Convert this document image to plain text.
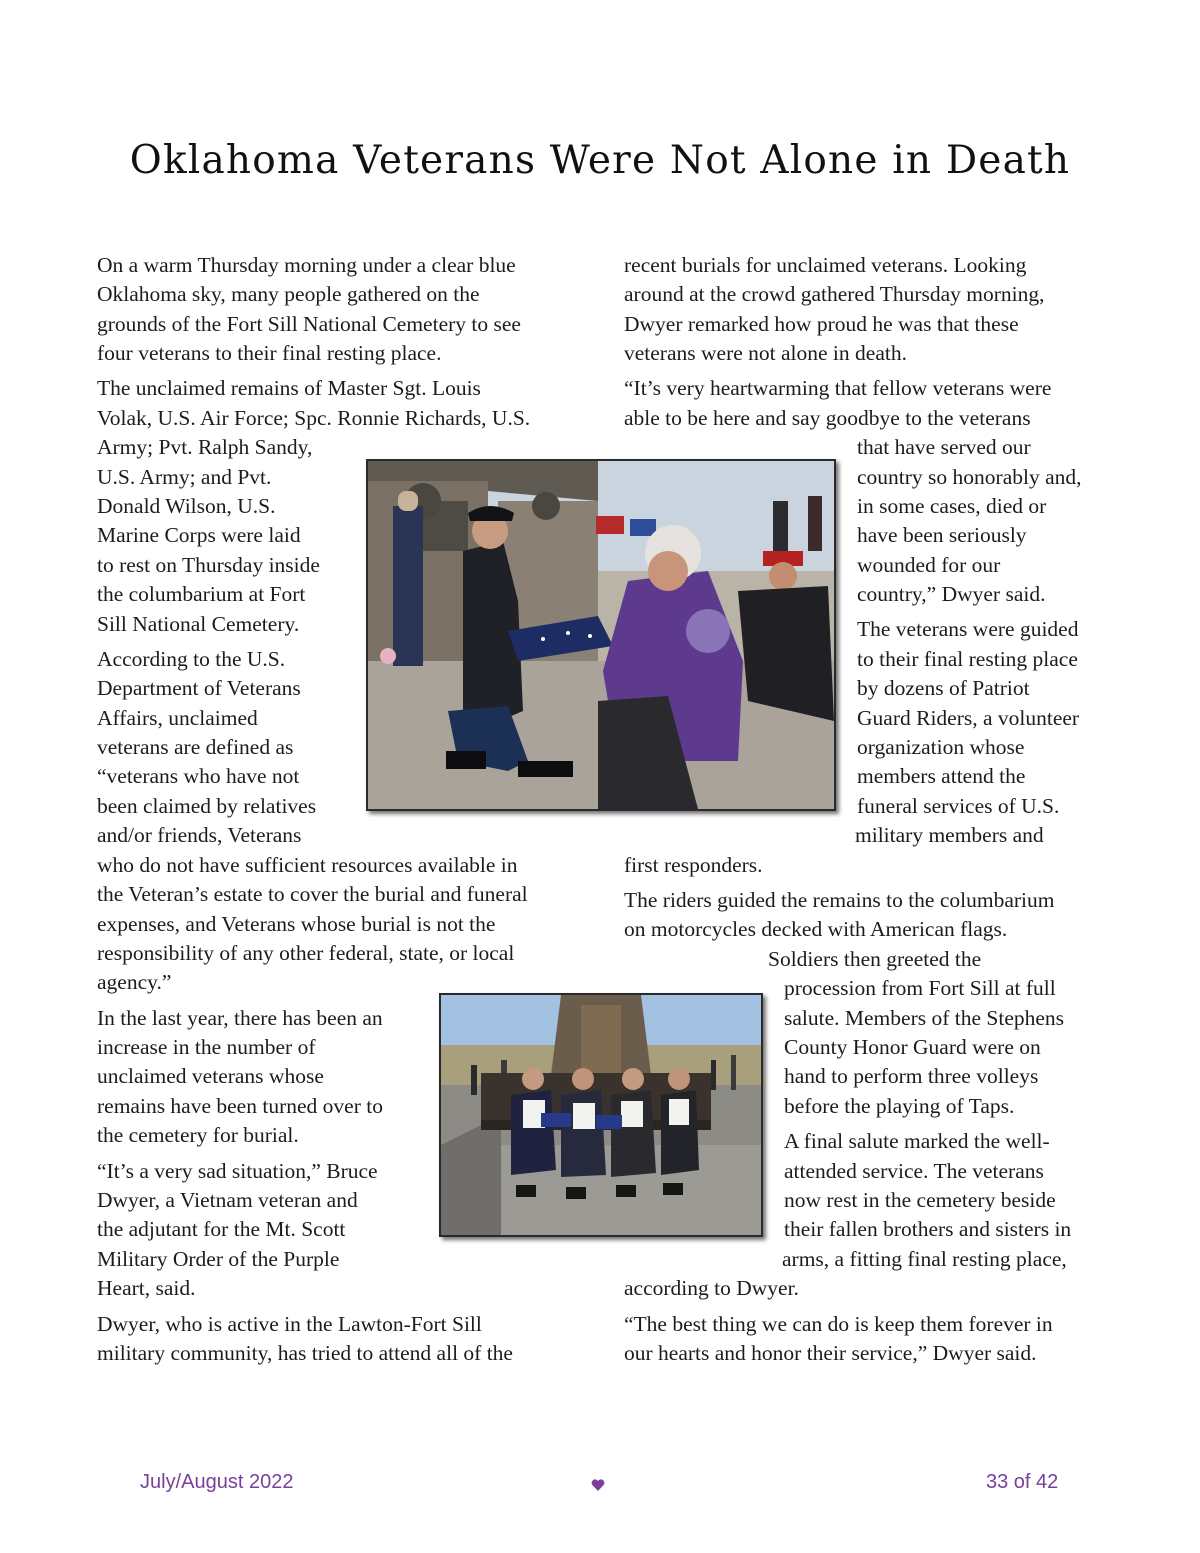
Oklahoma Veterans Were Not Alone in Death
On a warm Thursday morning under a clear blue
Oklahoma sky, many people gathered on the
grounds of the Fort Sill National Cemetery to see
four veterans to their final resting place.
The unclaimed remains of Master Sgt. Louis
Volak, U.S. Air Force; Spc. Ronnie Richards, U.S.
Army; Pvt. Ralph Sandy,
U.S. Army; and Pvt.
Donald Wilson, U.S.
Marine Corps were laid
to rest on Thursday inside
the columbarium at Fort
Sill National Cemetery.
According to the U.S.
Department of Veterans
Affairs, unclaimed
veterans are defined as
“veterans who have not
been claimed by relatives
and/or friends, Veterans
who do not have sufficient resources available in
the Veteran’s estate to cover the burial and funeral
expenses, and Veterans whose burial is not the
responsibility of any other federal, state, or local
agency.”
In the last year, there has been an
increase in the number of
unclaimed veterans whose
remains have been turned over to
the cemetery for burial.
“It’s a very sad situation,” Bruce
Dwyer, a Vietnam veteran and
the adjutant for the Mt. Scott
Military Order of the Purple
Heart, said.
Dwyer, who is active in the Lawton-Fort Sill
military community, has tried to attend all of the
recent burials for unclaimed veterans. Looking
around at the crowd gathered Thursday morning,
Dwyer remarked how proud he was that these
veterans were not alone in death.
“It’s very heartwarming that fellow veterans were
able to be here and say goodbye to the veterans
that have served our
country so honorably and,
in some cases, died or
have been seriously
wounded for our
country,” Dwyer said.
The veterans were guided
to their final resting place
by dozens of Patriot
Guard Riders, a volunteer
organization whose
members attend the
funeral services of U.S.
military members and
first responders.
The riders guided the remains to the columbarium
on motorcycles decked with American flags.
Soldiers then greeted the
procession from Fort Sill at full
salute. Members of the Stephens
County Honor Guard were on
hand to perform three volleys
before the playing of Taps.
A final salute marked the well-
attended service. The veterans
now rest in the cemetery beside
their fallen brothers and sisters in
arms, a fitting final resting place,
according to Dwyer.
“The best thing we can do is keep them forever in
our hearts and honor their service,” Dwyer said.
July/August 2022	33 of 42
